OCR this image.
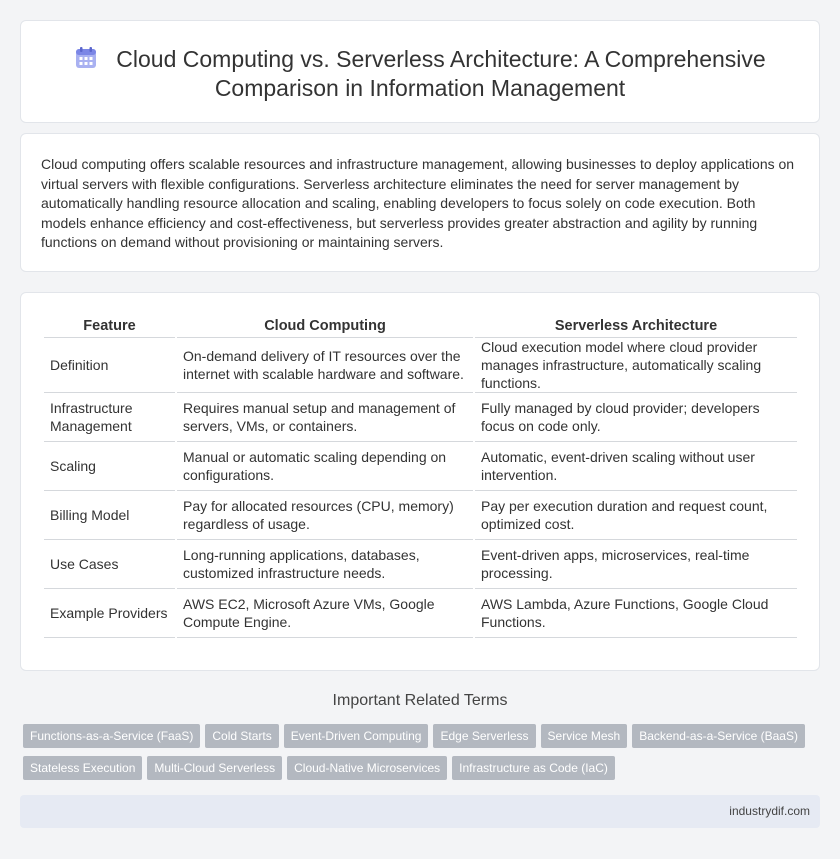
Cloud Computing vs. Serverless Architecture: A Comprehensive Comparison in Information Management

Cloud computing offers scalable resources and infrastructure management, allowing businesses to deploy applications on virtual servers with flexible configurations. Serverless architecture eliminates the need for server management by automatically handling resource allocation and scaling, enabling developers to focus solely on code execution. Both models enhance efficiency and cost-effectiveness, but serverless provides greater abstraction and agility by running functions on demand without provisioning or maintaining servers.

Feature	Cloud Computing	Serverless Architecture
Definition	On-demand delivery of IT resources over the internet with scalable hardware and software.	Cloud execution model where cloud provider manages infrastructure, automatically scaling functions.
Infrastructure Management	Requires manual setup and management of servers, VMs, or containers.	Fully managed by cloud provider; developers focus on code only.
Scaling	Manual or automatic scaling depending on configurations.	Automatic, event-driven scaling without user intervention.
Billing Model	Pay for allocated resources (CPU, memory) regardless of usage.	Pay per execution duration and request count, optimized cost.
Use Cases	Long-running applications, databases, customized infrastructure needs.	Event-driven apps, microservices, real-time processing.
Example Providers	AWS EC2, Microsoft Azure VMs, Google Compute Engine.	AWS Lambda, Azure Functions, Google Cloud Functions.
Important Related Terms
Functions-as-a-Service (FaaS) Cold Starts Event-Driven Computing Edge Serverless Service Mesh Backend-as-a-Service (BaaS)
Stateless Execution Multi-Cloud Serverless Cloud-Native Microservices Infrastructure as Code (IaC)
industrydif.com
